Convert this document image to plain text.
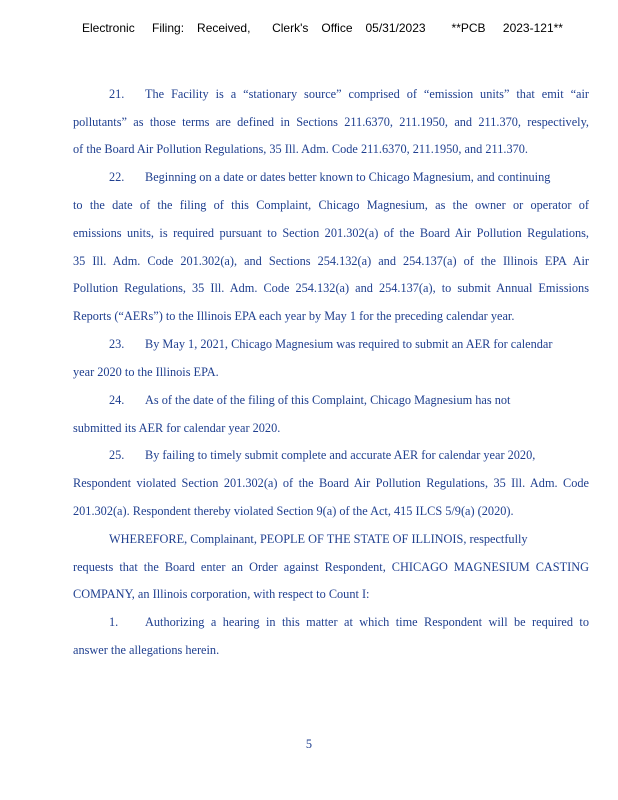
Electronic    Filing:   Received,     Clerk's   Office   05/31/2023      **PCB    2023-121**
21. The Facility is a “stationary source” comprised of “emission units” that emit “air
pollutants” as those terms are defined in Sections 211.6370, 211.1950, and 211.370, respectively,
of the Board Air Pollution Regulations, 35 Ill. Adm. Code 211.6370, 211.1950, and 211.370.
22. Beginning on a date or dates better known to Chicago Magnesium, and continuing
to the date of the filing of this Complaint, Chicago Magnesium, as the owner or operator of
emissions units, is required pursuant to Section 201.302(a) of the Board Air Pollution Regulations,
35 Ill. Adm. Code 201.302(a), and Sections 254.132(a) and 254.137(a) of the Illinois EPA Air
Pollution Regulations, 35 Ill. Adm. Code 254.132(a) and 254.137(a), to submit Annual Emissions
Reports (“AERs”) to the Illinois EPA each year by May 1 for the preceding calendar year.
23. By May 1, 2021, Chicago Magnesium was required to submit an AER for calendar
year 2020 to the Illinois EPA.
24. As of the date of the filing of this Complaint, Chicago Magnesium has not
submitted its AER for calendar year 2020.
25. By failing to timely submit complete and accurate AER for calendar year 2020,
Respondent violated Section 201.302(a) of the Board Air Pollution Regulations, 35 Ill. Adm. Code
201.302(a). Respondent thereby violated Section 9(a) of the Act, 415 ILCS 5/9(a) (2020).
WHEREFORE, Complainant, PEOPLE OF THE STATE OF ILLINOIS, respectfully
requests that the Board enter an Order against Respondent, CHICAGO MAGNESIUM CASTING
COMPANY, an Illinois corporation, with respect to Count I:
1. Authorizing a hearing in this matter at which time Respondent will be required to
answer the allegations herein.
5
